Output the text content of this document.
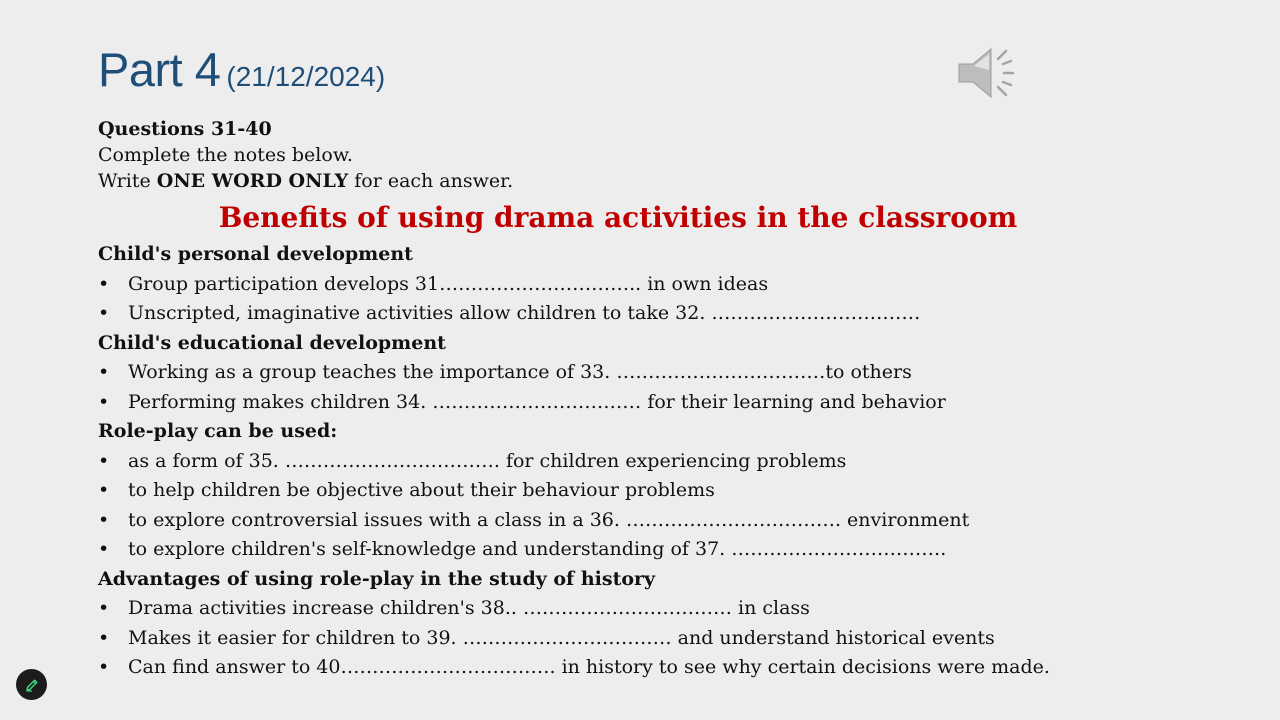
Part 4 (21/12/2024)
Questions 31-40
Complete the notes below.
Write ONE WORD ONLY for each answer.
Benefits of using drama activities in the classroom
Child's personal development
• Group participation develops 31………………………….. in own ideas
• Unscripted, imaginative activities allow children to take 32. ……………………………
Child's educational development
• Working as a group teaches the importance of 33. ……………………………to others
• Performing makes children 34. …………………………… for their learning and behavior
Role-play can be used:
• as a form of 35. ……………………………. for children experiencing problems
• to help children be objective about their behaviour problems
• to explore controversial issues with a class in a 36. ……………………………. environment
• to explore children's self-knowledge and understanding of 37. …………………………….
Advantages of using role-play in the study of history
• Drama activities increase children's 38.. …………………………… in class
• Makes it easier for children to 39. …………………………… and understand historical events
• Can find answer to 40……………………………. in history to see why certain decisions were made.
